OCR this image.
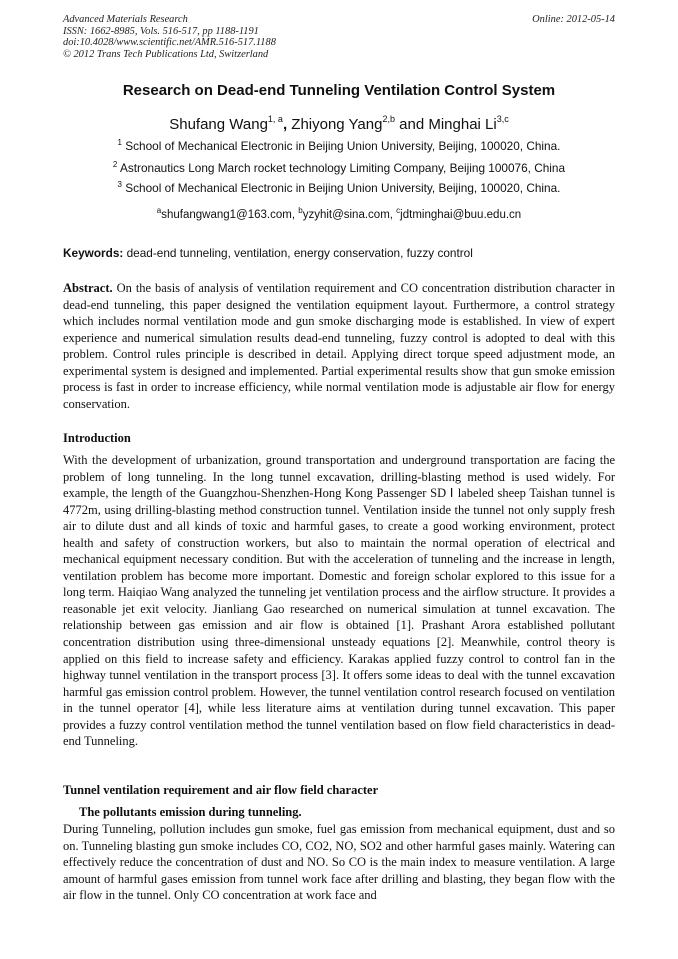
Advanced Materials Research
ISSN: 1662-8985, Vols. 516-517, pp 1188-1191
doi:10.4028/www.scientific.net/AMR.516-517.1188
© 2012 Trans Tech Publications Ltd, Switzerland
Online: 2012-05-14
Research on Dead-end Tunneling Ventilation Control System
Shufang Wang$^{1, a}$, Zhiyong Yang$^{2,b}$ and Minghai Li$^{3,c}$
$^1$ School of Mechanical Electronic in Beijing Union University, Beijing, 100020, China.
$^2$ Astronautics Long March rocket technology Limiting Company, Beijing 100076, China
$^3$ School of Mechanical Electronic in Beijing Union University, Beijing, 100020, China.
$^a$shufangwang1@163.com, $^b$yzyhit@sina.com, $^c$jdtminghai@buu.edu.cn
Keywords: dead-end tunneling, ventilation, energy conservation, fuzzy control
Abstract. On the basis of analysis of ventilation requirement and CO concentration distribution character in dead-end tunneling, this paper designed the ventilation equipment layout. Furthermore, a control strategy which includes normal ventilation mode and gun smoke discharging mode is established. In view of expert experience and numerical simulation results dead-end tunneling, fuzzy control is adopted to deal with this problem. Control rules principle is described in detail. Applying direct torque speed adjustment mode, an experimental system is designed and implemented. Partial experimental results show that gun smoke emission process is fast in order to increase efficiency, while normal ventilation mode is adjustable air flow for energy conservation.
Introduction
With the development of urbanization, ground transportation and underground transportation are facing the problem of long tunneling. In the long tunnel excavation, drilling-blasting method is used widely. For example, the length of the Guangzhou-Shenzhen-Hong Kong Passenger SD Ⅰ labeled sheep Taishan tunnel is 4772m, using drilling-blasting method construction tunnel. Ventilation inside the tunnel not only supply fresh air to dilute dust and all kinds of toxic and harmful gases, to create a good working environment, protect health and safety of construction workers, but also to maintain the normal operation of electrical and mechanical equipment necessary condition. But with the acceleration of tunneling and the increase in length, ventilation problem has become more important. Domestic and foreign scholar explored to this issue for a long term. Haiqiao Wang analyzed the tunneling jet ventilation process and the airflow structure. It provides a reasonable jet exit velocity. Jianliang Gao researched on numerical simulation at tunnel excavation. The relationship between gas emission and air flow is obtained [1]. Prashant Arora established pollutant concentration distribution using three-dimensional unsteady equations [2]. Meanwhile, control theory is applied on this field to increase safety and efficiency. Karakas applied fuzzy control to control fan in the highway tunnel ventilation in the transport process [3]. It offers some ideas to deal with the tunnel excavation harmful gas emission control problem. However, the tunnel ventilation control research focused on ventilation in the tunnel operator [4], while less literature aims at ventilation during tunnel excavation. This paper provides a fuzzy control ventilation method the tunnel ventilation based on flow field characteristics in dead-end Tunneling.
Tunnel ventilation requirement and air flow field character
The pollutants emission during tunneling.
During Tunneling, pollution includes gun smoke, fuel gas emission from mechanical equipment, dust and so on. Tunneling blasting gun smoke includes CO, CO2, NO, SO2 and other harmful gases mainly. Watering can effectively reduce the concentration of dust and NO. So CO is the main index to measure ventilation. A large amount of harmful gases emission from tunnel work face after drilling and blasting, they began flow with the air flow in the tunnel. Only CO concentration at work face and
